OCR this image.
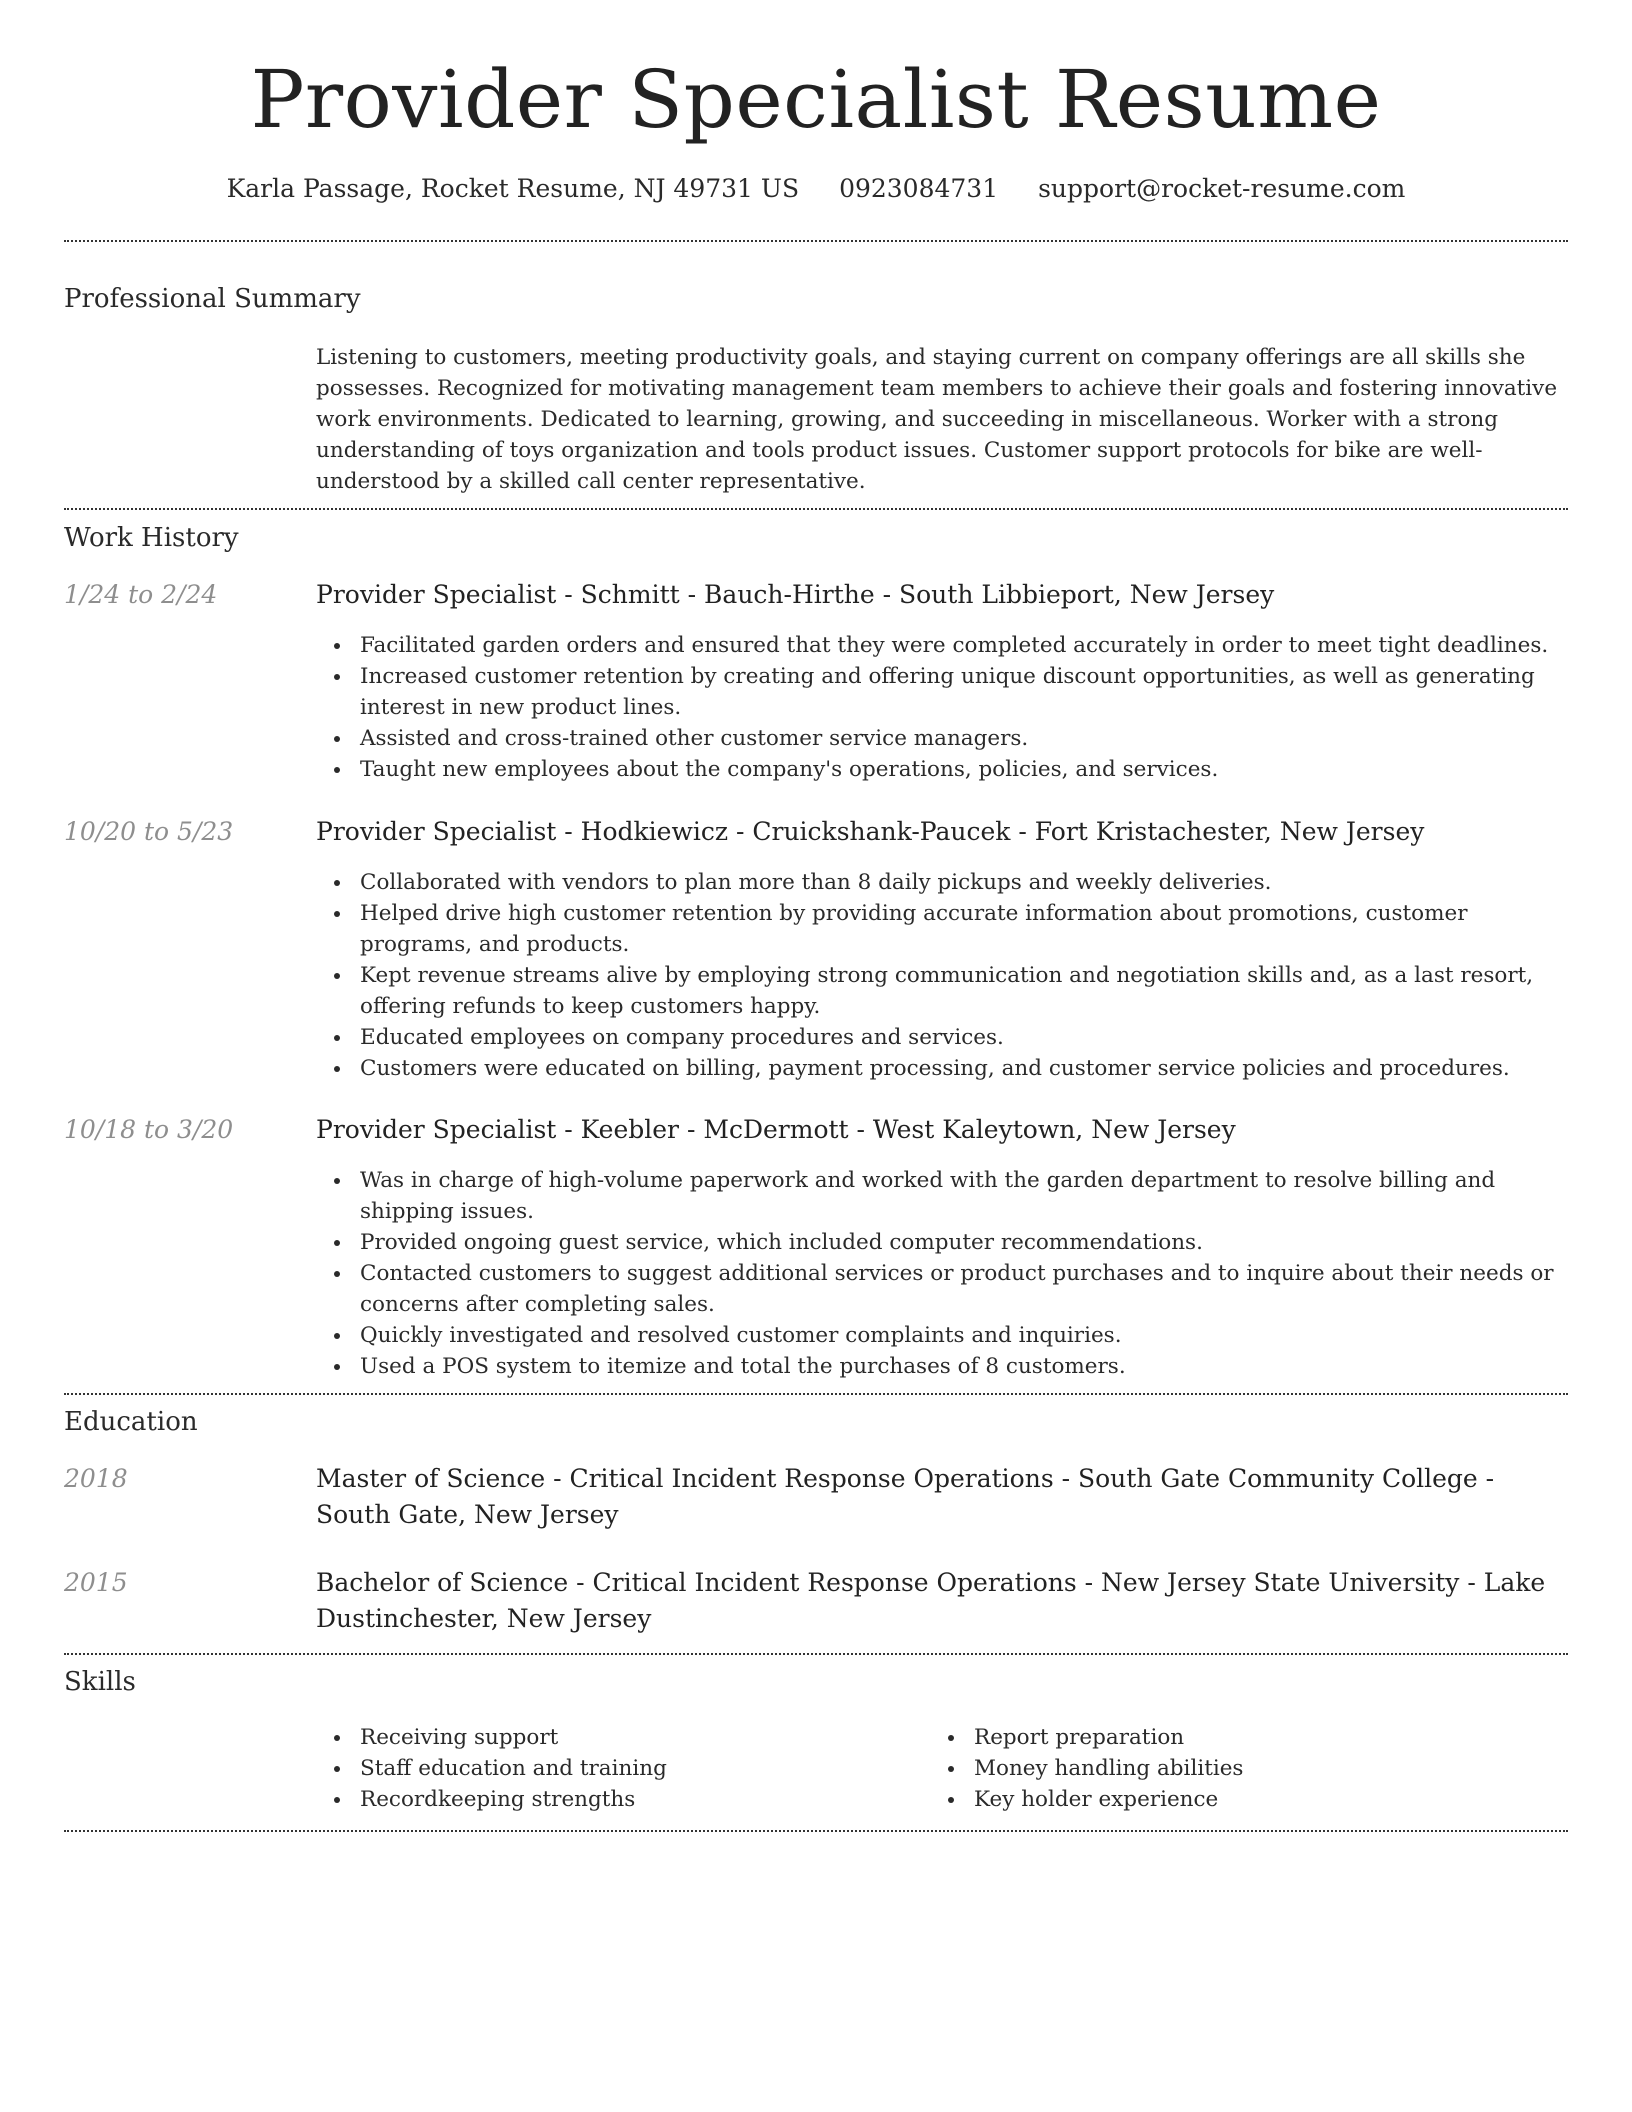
Provider Specialist Resume
Karla Passage, Rocket Resume, NJ 49731 US 0923084731 support@rocket-resume.com
Professional Summary
Listening to customers, meeting productivity goals, and staying current on company offerings are all skills she possesses. Recognized for motivating management team members to achieve their goals and fostering innovative work environments. Dedicated to learning, growing, and succeeding in miscellaneous. Worker with a strong understanding of toys organization and tools product issues. Customer support protocols for bike are well-understood by a skilled call center representative.
Work History
1/24 to 2/24	Provider Specialist - Schmitt - Bauch-Hirthe - South Libbieport, New Jersey
Facilitated garden orders and ensured that they were completed accurately in order to meet tight deadlines.
Increased customer retention by creating and offering unique discount opportunities, as well as generating interest in new product lines.
Assisted and cross-trained other customer service managers.
Taught new employees about the company's operations, policies, and services.
10/20 to 5/23	Provider Specialist - Hodkiewicz - Cruickshank-Paucek - Fort Kristachester, New Jersey
Collaborated with vendors to plan more than 8 daily pickups and weekly deliveries.
Helped drive high customer retention by providing accurate information about promotions, customer programs, and products.
Kept revenue streams alive by employing strong communication and negotiation skills and, as a last resort, offering refunds to keep customers happy.
Educated employees on company procedures and services.
Customers were educated on billing, payment processing, and customer service policies and procedures.
10/18 to 3/20	Provider Specialist - Keebler - McDermott - West Kaleytown, New Jersey
Was in charge of high-volume paperwork and worked with the garden department to resolve billing and shipping issues.
Provided ongoing guest service, which included computer recommendations.
Contacted customers to suggest additional services or product purchases and to inquire about their needs or concerns after completing sales.
Quickly investigated and resolved customer complaints and inquiries.
Used a POS system to itemize and total the purchases of 8 customers.
Education
2018	Master of Science - Critical Incident Response Operations - South Gate Community College - South Gate, New Jersey
2015	Bachelor of Science - Critical Incident Response Operations - New Jersey State University - Lake Dustinchester, New Jersey
Skills
Receiving support
Staff education and training
Recordkeeping strengths
Report preparation
Money handling abilities
Key holder experience
